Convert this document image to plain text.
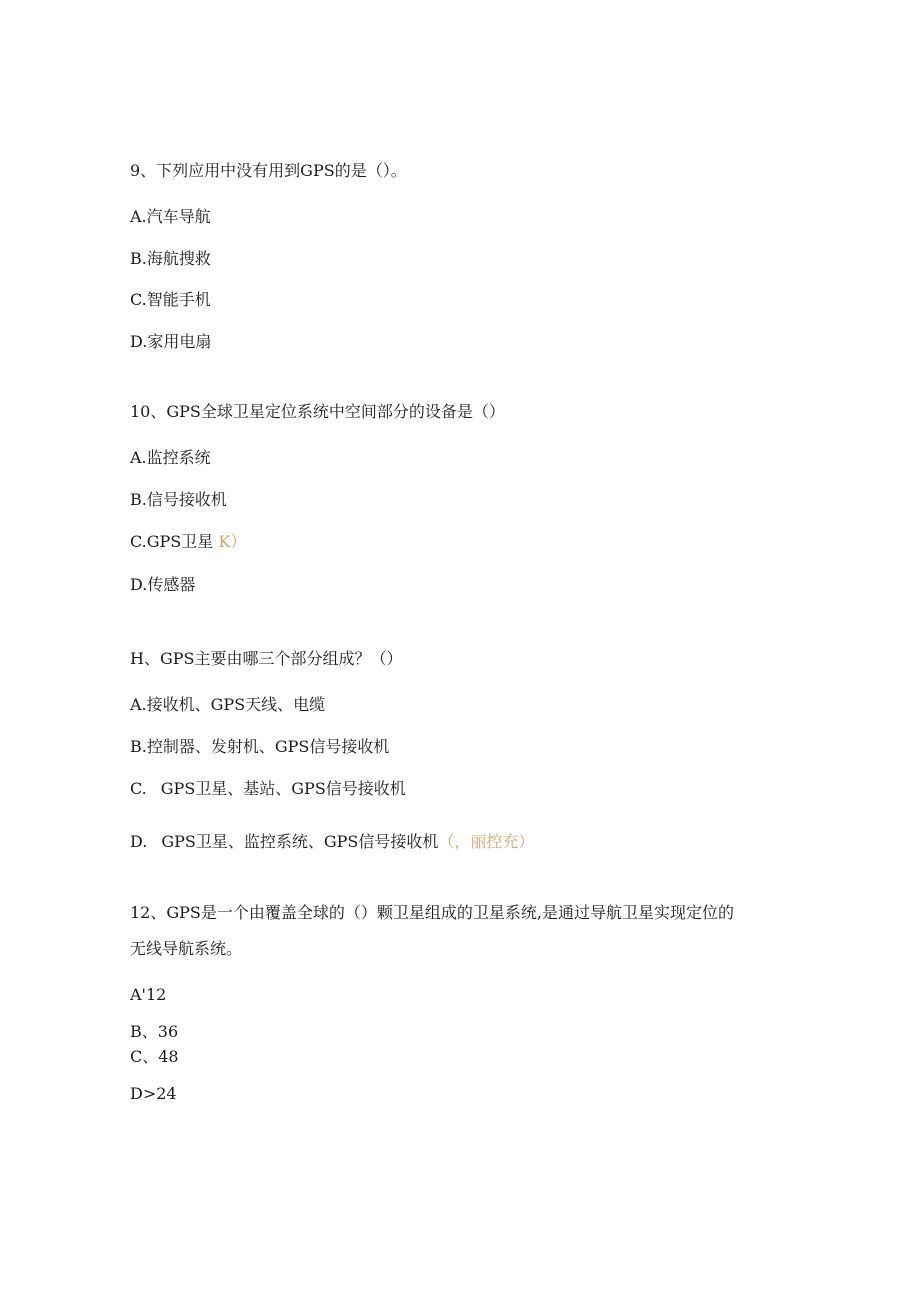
9、下列应用中没有用到GPS的是（）。
A.汽车导航
B.海航搜救
C.智能手机
D.家用电扇
10、GPS全球卫星定位系统中空间部分的设备是（）
A.监控系统
B.信号接收机
C.GPS卫星 K）
D.传感器
H、GPS主要由哪三个部分组成？（）
A.接收机、GPS天线、电缆
B.控制器、发射机、GPS信号接收机
C. GPS卫星、基站、GPS信号接收机
D. GPS卫星、监控系统、GPS信号接收机（，丽控充）
12、GPS是一个由覆盖全球的（）颗卫星组成的卫星系统,是通过导航卫星实现定位的
无线导航系统。
A'12
B、36
C、48
D>24
